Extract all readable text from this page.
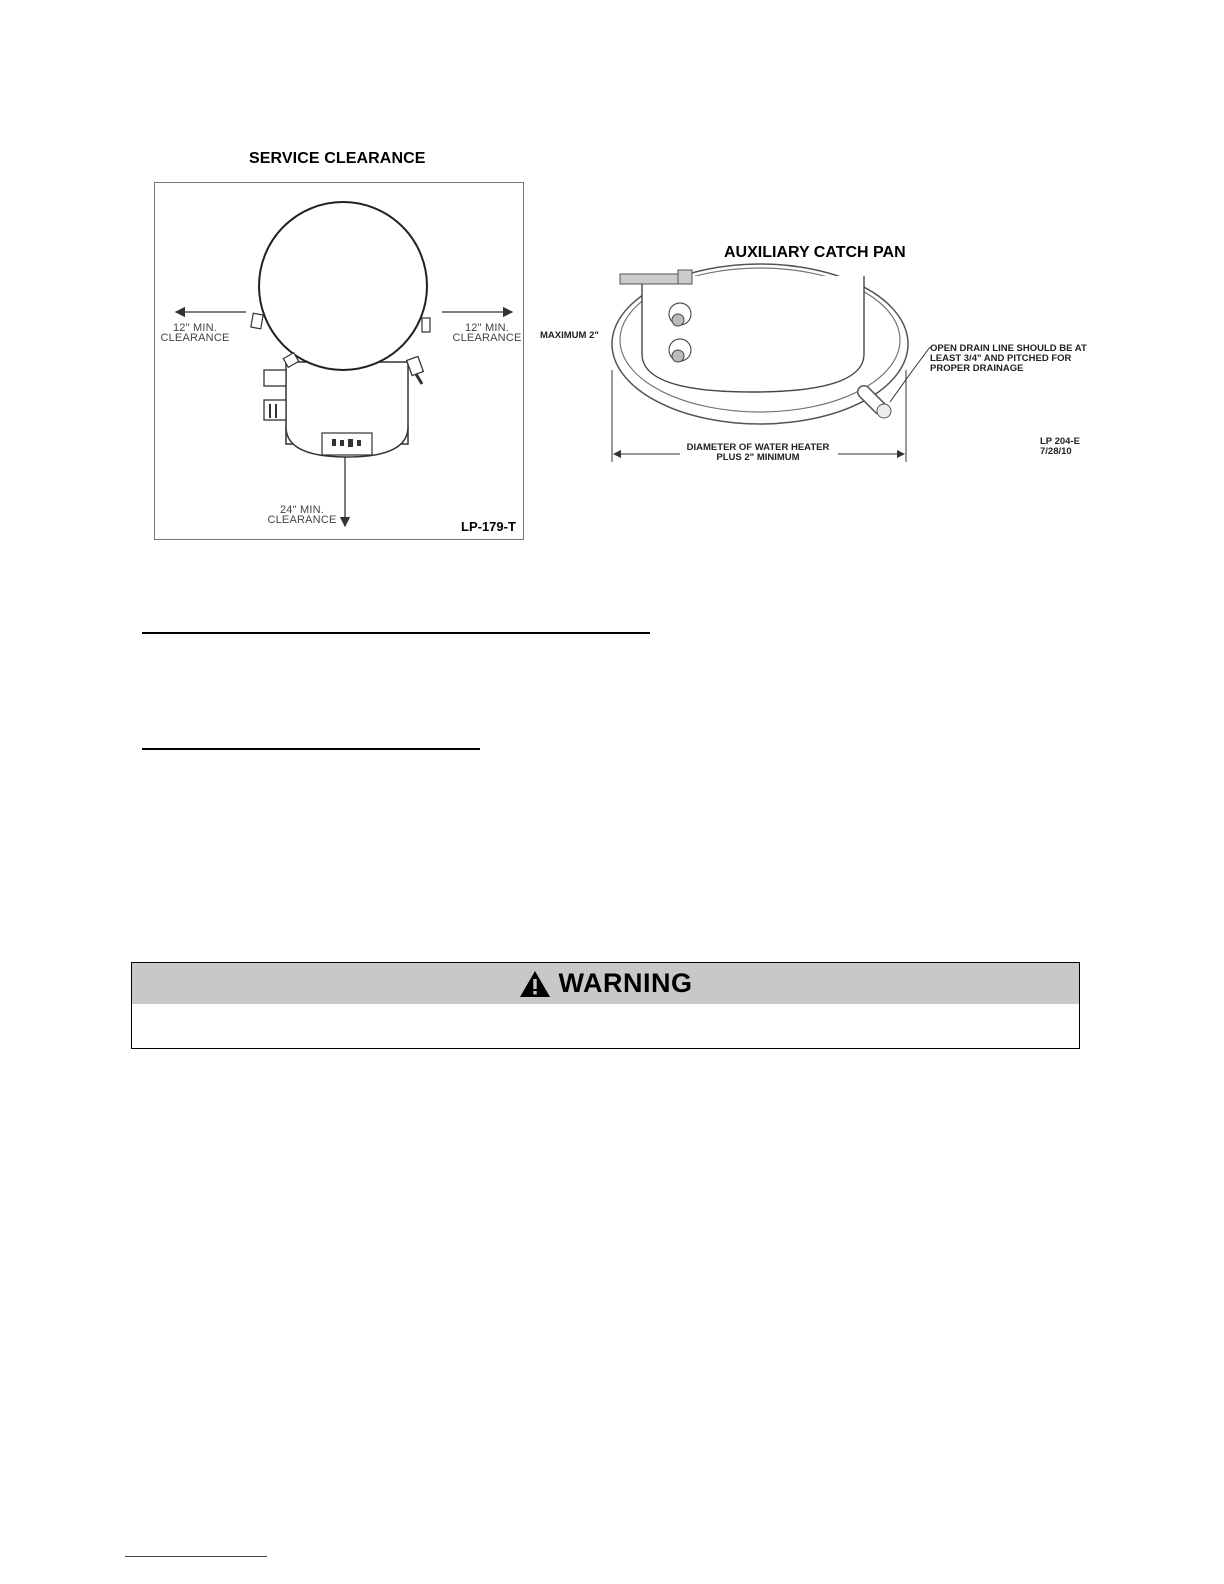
SERVICE CLEARANCE
12" MIN.
CLEARANCE
12" MIN.
CLEARANCE
24" MIN.
CLEARANCE	LP-179-T
AUXILIARY CATCH PAN
MAXIMUM 2"
OPEN DRAIN LINE SHOULD BE AT
LEAST 3/4" AND PITCHED FOR
PROPER DRAINAGE
DIAMETER OF WATER HEATER
PLUS 2" MINIMUM
LP 204-E
7/28/10
WARNING
